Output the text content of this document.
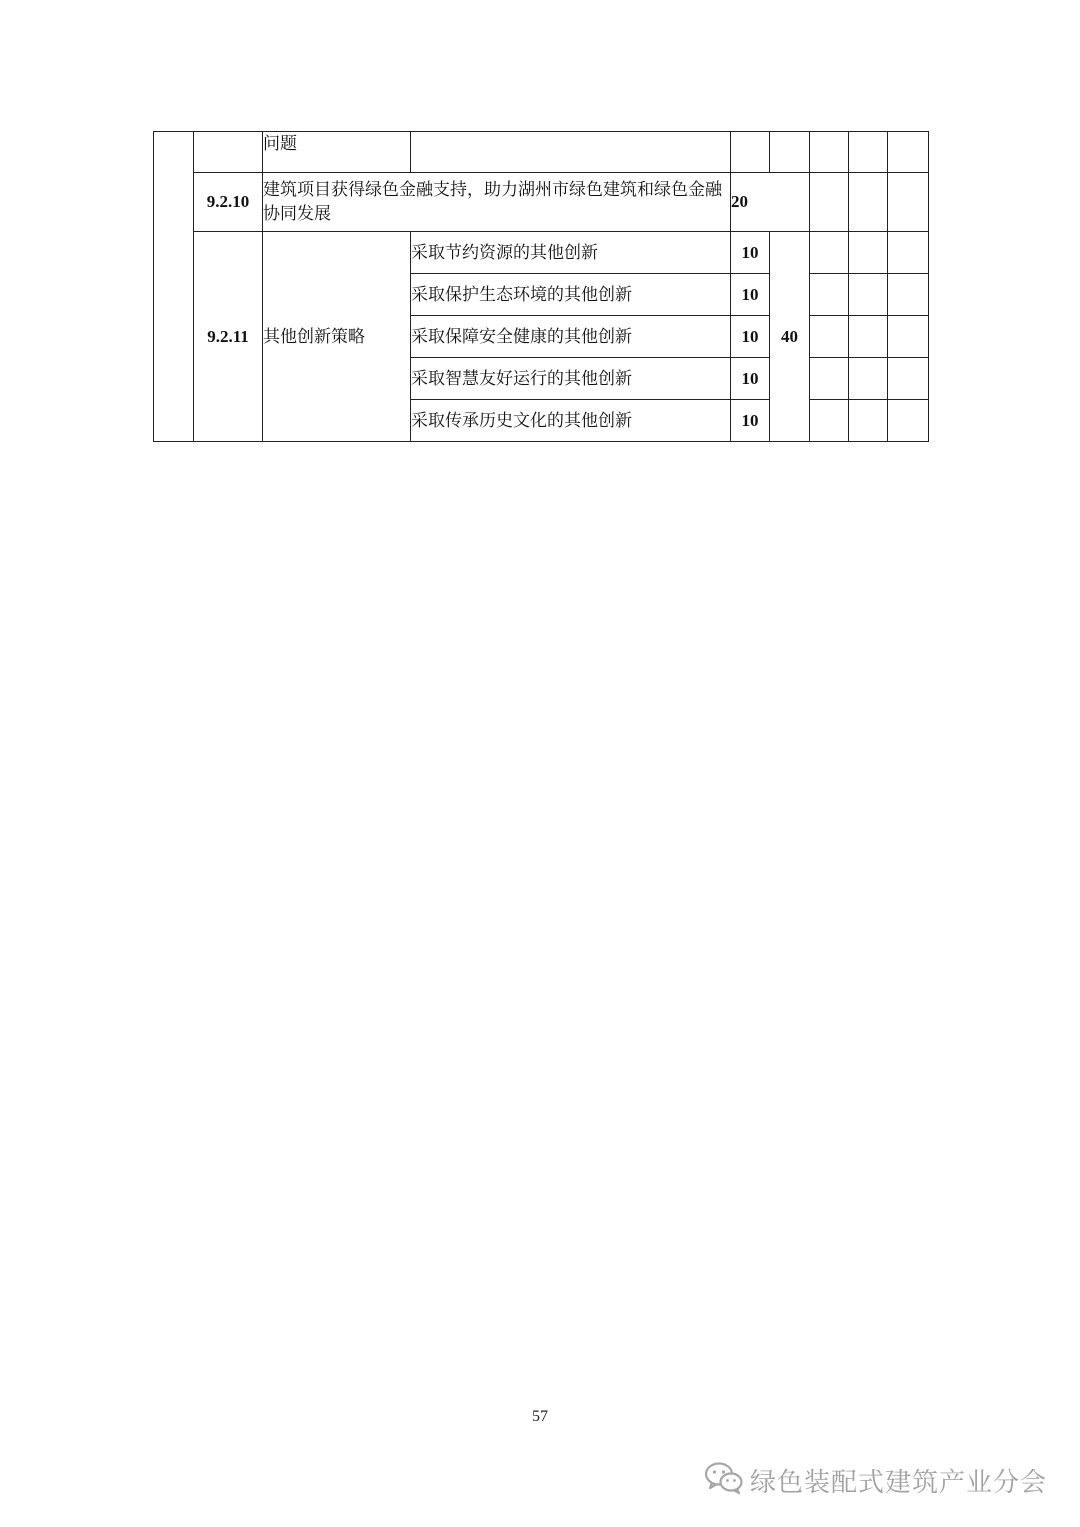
		问题						

	9.2.10	建筑项目获得绿色金融支持，助力湖州市绿色建筑和绿色金融协同发展		20				
	9.2.11	其他创新策略	采取节约资源的其他创新	10	40			
			采取保护生态环境的其他创新	10				
			采取保障安全健康的其他创新	10				
			采取智慧友好运行的其他创新	10				
			采取传承历史文化的其他创新	10				
57
绿色装配式建筑产业分会
